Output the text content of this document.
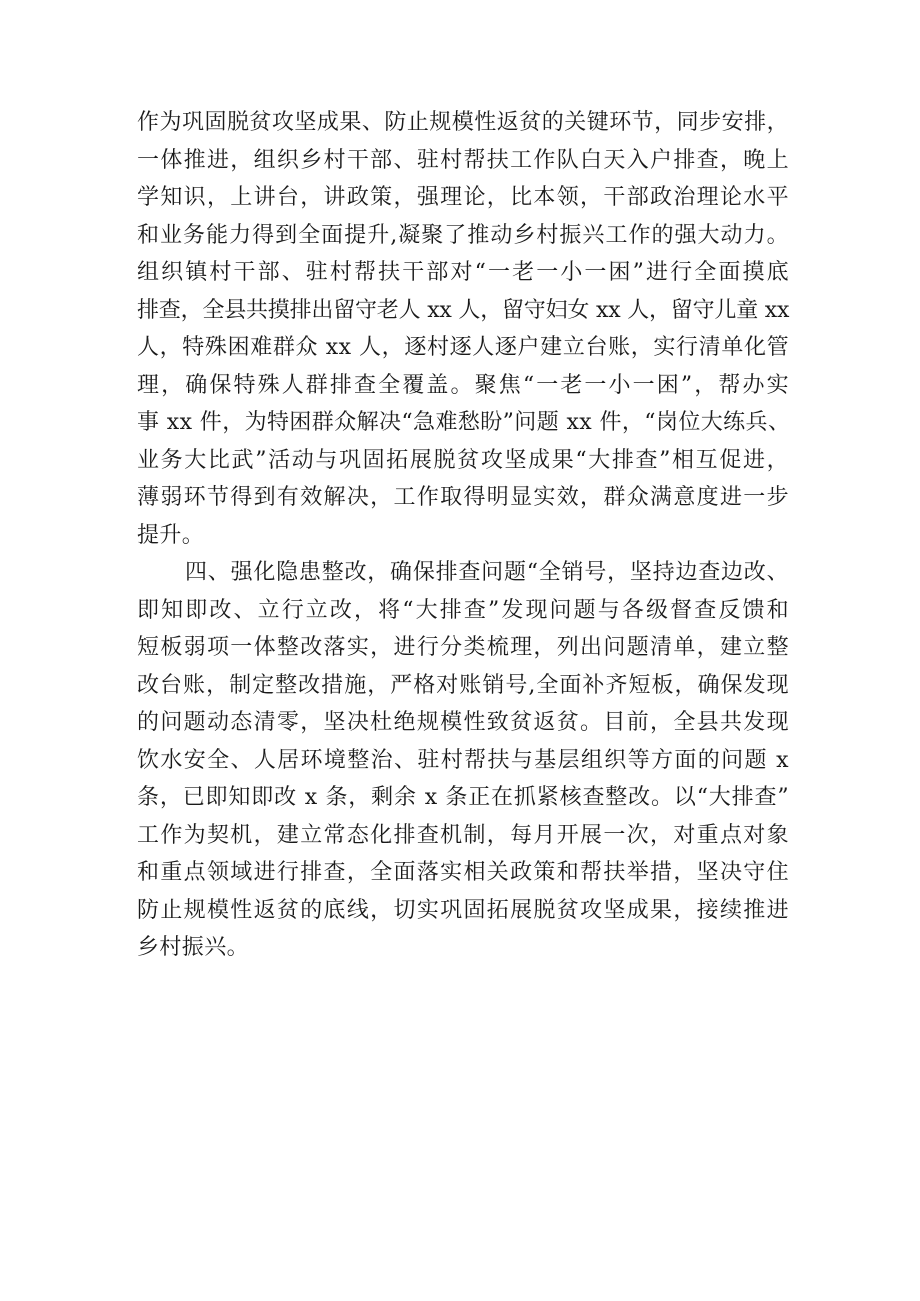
作为巩固脱贫攻坚成果、防止规模性返贫的关键环节，同步安排，
一体推进，组织乡村干部、驻村帮扶工作队白天入户排查，晚上
学知识，上讲台，讲政策，强理论，比本领，干部政治理论水平
和业务能力得到全面提升,凝聚了推动乡村振兴工作的强大动力。
组织镇村干部、驻村帮扶干部对“一老一小一困”进行全面摸底
排查，全县共摸排出留守老人 xx 人，留守妇女 xx 人，留守儿童 xx
人，特殊困难群众 xx 人，逐村逐人逐户建立台账，实行清单化管
理，确保特殊人群排查全覆盖。聚焦“一老一小一困”，帮办实
事 xx 件，为特困群众解决“急难愁盼”问题 xx 件，“岗位大练兵、
业务大比武”活动与巩固拓展脱贫攻坚成果“大排查”相互促进，
薄弱环节得到有效解决，工作取得明显实效，群众满意度进一步
提升。
四、强化隐患整改，确保排查问题“全销号，坚持边查边改、
即知即改、立行立改，将“大排查”发现问题与各级督查反馈和
短板弱项一体整改落实，进行分类梳理，列出问题清单，建立整
改台账，制定整改措施，严格对账销号,全面补齐短板，确保发现
的问题动态清零，坚决杜绝规模性致贫返贫。目前，全县共发现
饮水安全、人居环境整治、驻村帮扶与基层组织等方面的问题 x
条，已即知即改 x 条，剩余 x 条正在抓紧核查整改。以“大排查”
工作为契机，建立常态化排查机制，每月开展一次，对重点对象
和重点领域进行排查，全面落实相关政策和帮扶举措，坚决守住
防止规模性返贫的底线，切实巩固拓展脱贫攻坚成果，接续推进
乡村振兴。
